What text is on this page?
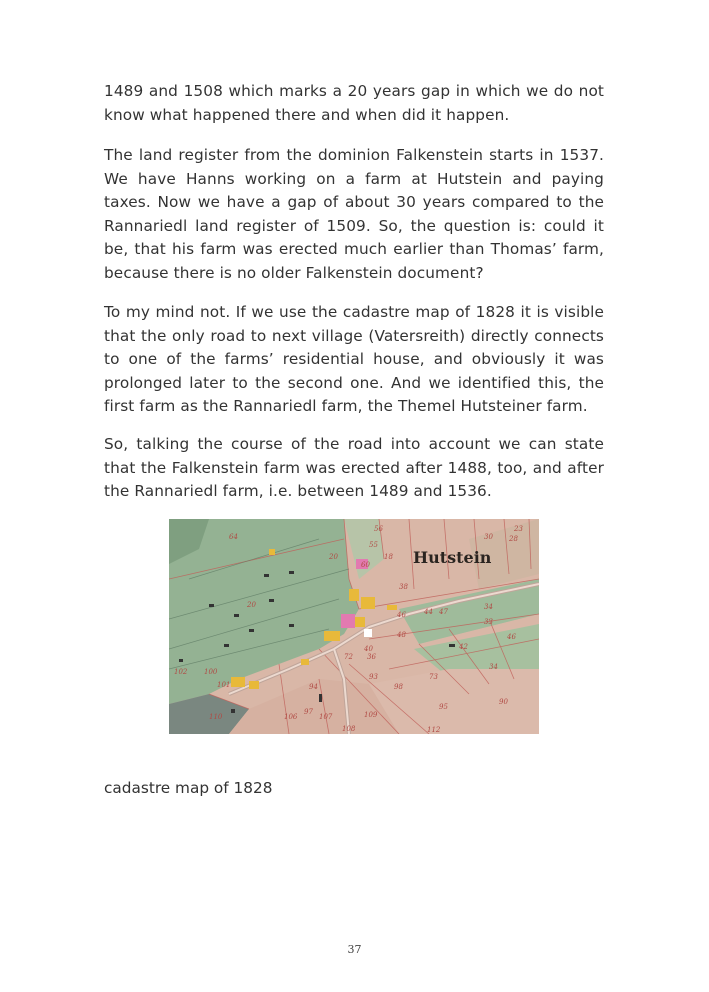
1489 and 1508 which marks a 20 years gap in which we do not know what happened there and when did it happen.

The land register from the dominion Falkenstein starts in 1537. We have Hanns working on a farm at Hutstein and paying taxes. Now we have a gap of about 30 years compared to the Rannariedl land register of 1509. So, the question is: could it be, that his farm was erected much earlier than Thomas’ farm, because there is no older Falkenstein document?

To my mind not. If we use the cadastre map of 1828 it is visible that the only road to next village (Vatersreith) directly connects to one of the farms’ residential house, and obviously it was prolonged later to the second one. And we identified this, the first farm as the Rannariedl farm, the Themel Hutsteiner farm.

So, talking the course of the road into account we can state that the Falkenstein farm was erected after 1488, too, and after the Rannariedl farm, i.e. between 1489 and 1536.

64
56
55
30 28
23
20
60
20
46	47
34
33
48
40
36
38
42
44
46
72
93	73
94
95
100
101
102
97
98
106	107
108
109
112
110
18
90
34
Hutstein
cadastre map of 1828
37
